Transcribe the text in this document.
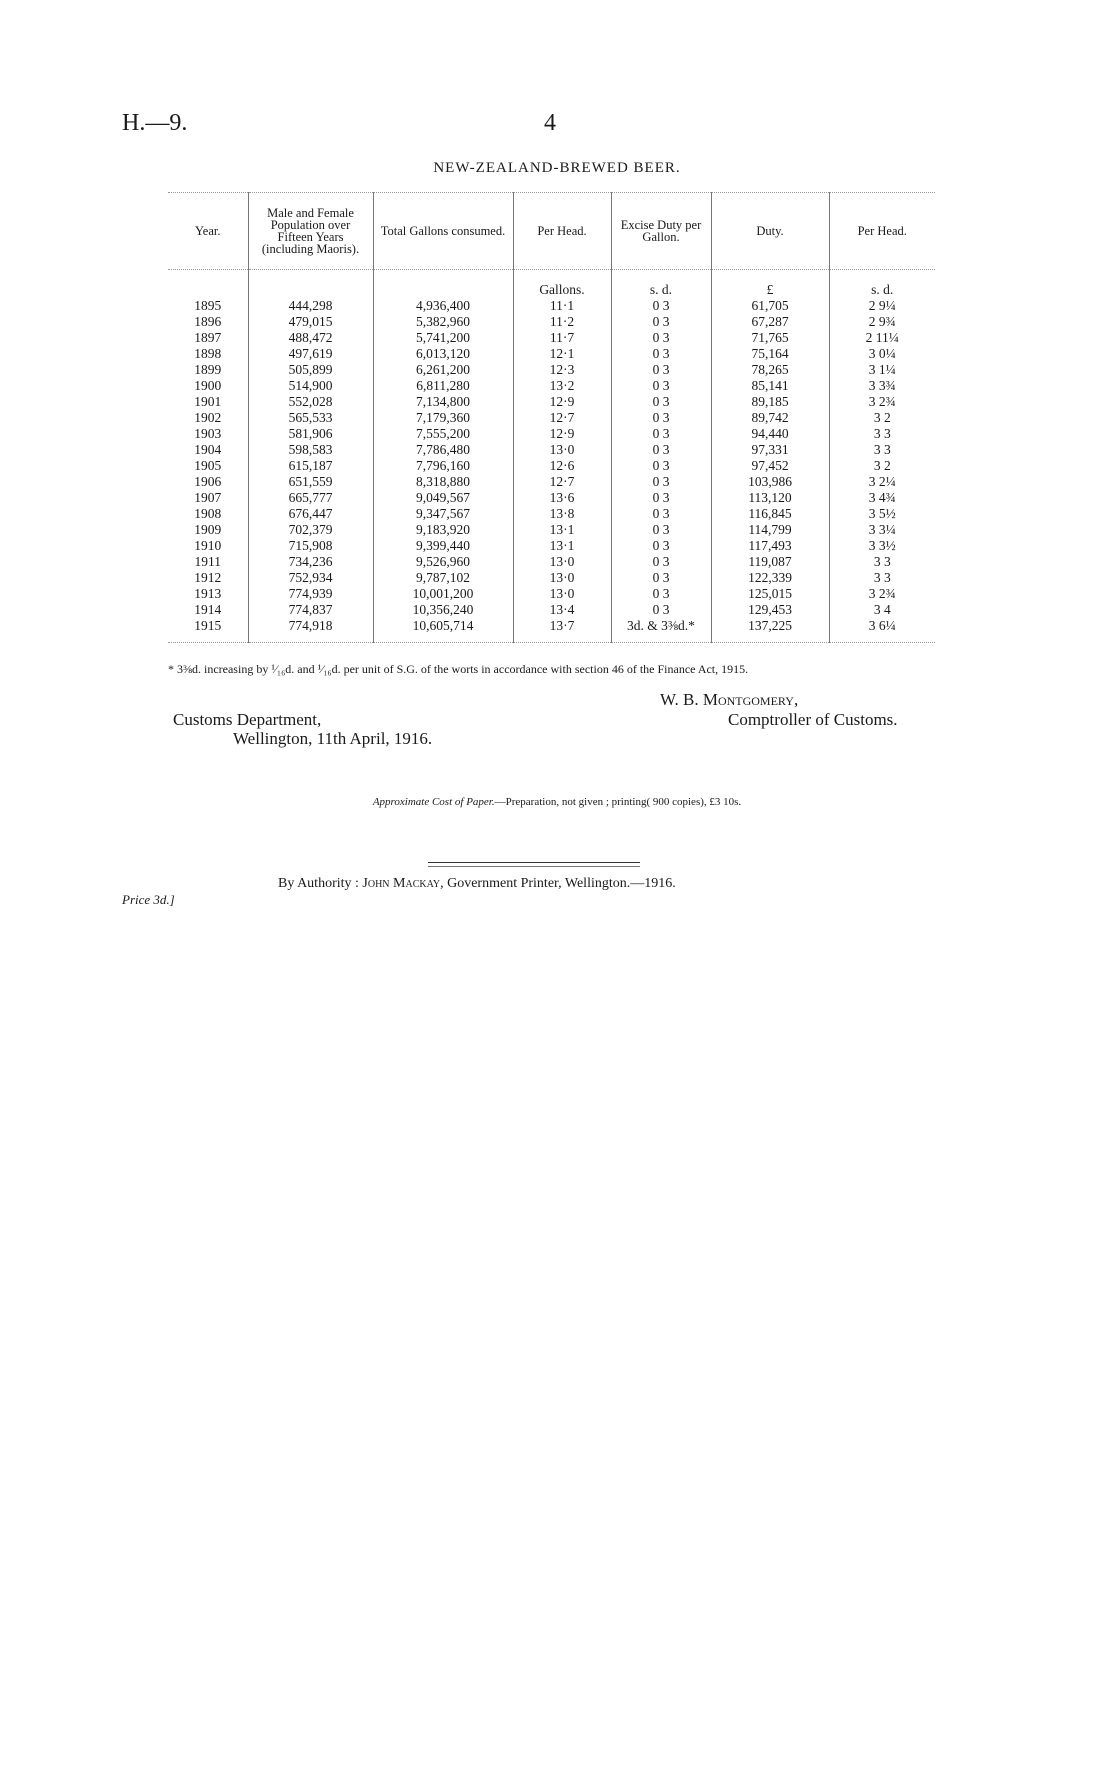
H.—9.	4
NEW-ZEALAND-BREWED BEER.
Year.	Male and Female Population over Fifteen Years (including Maoris).	Total Gallons consumed.	Per Head.	Excise Duty per Gallon.	Duty.	Per Head.
			Gallons.	s. d.	£	s. d.
1895	444,298	4,936,400	11·1	0 3	61,705	2 9¼
1896	479,015	5,382,960	11·2	0 3	67,287	2 9¾
1897	488,472	5,741,200	11·7	0 3	71,765	2 11¼
1898	497,619	6,013,120	12·1	0 3	75,164	3 0¼
1899	505,899	6,261,200	12·3	0 3	78,265	3 1¼
1900	514,900	6,811,280	13·2	0 3	85,141	3 3¾
1901	552,028	7,134,800	12·9	0 3	89,185	3 2¾
1902	565,533	7,179,360	12·7	0 3	89,742	3 2
1903	581,906	7,555,200	12·9	0 3	94,440	3 3
1904	598,583	7,786,480	13·0	0 3	97,331	3 3
1905	615,187	7,796,160	12·6	0 3	97,452	3 2
1906	651,559	8,318,880	12·7	0 3	103,986	3 2¼
1907	665,777	9,049,567	13·6	0 3	113,120	3 4¾
1908	676,447	9,347,567	13·8	0 3	116,845	3 5½
1909	702,379	9,183,920	13·1	0 3	114,799	3 3¼
1910	715,908	9,399,440	13·1	0 3	117,493	3 3½
1911	734,236	9,526,960	13·0	0 3	119,087	3 3
1912	752,934	9,787,102	13·0	0 3	122,339	3 3
1913	774,939	10,001,200	13·0	0 3	125,015	3 2¾
1914	774,837	10,356,240	13·4	0 3	129,453	3 4
1915	774,918	10,605,714	13·7	3d. & 3⅜d.*	137,225	3 6¼
* 3⅜d. increasing by ¹⁄₁₆d. and ¹⁄₁₆d. per unit of S.G. of the worts in accordance with section 46 of the Finance Act, 1915.
W. B. Montgomery,
Comptroller of Customs.
Customs Department,
Wellington, 11th April, 1916.
Approximate Cost of Paper.—Preparation, not given ; printing( 900 copies), £3 10s.
By Authority : John Mackay, Government Printer, Wellington.—1916.
Price 3d.]
